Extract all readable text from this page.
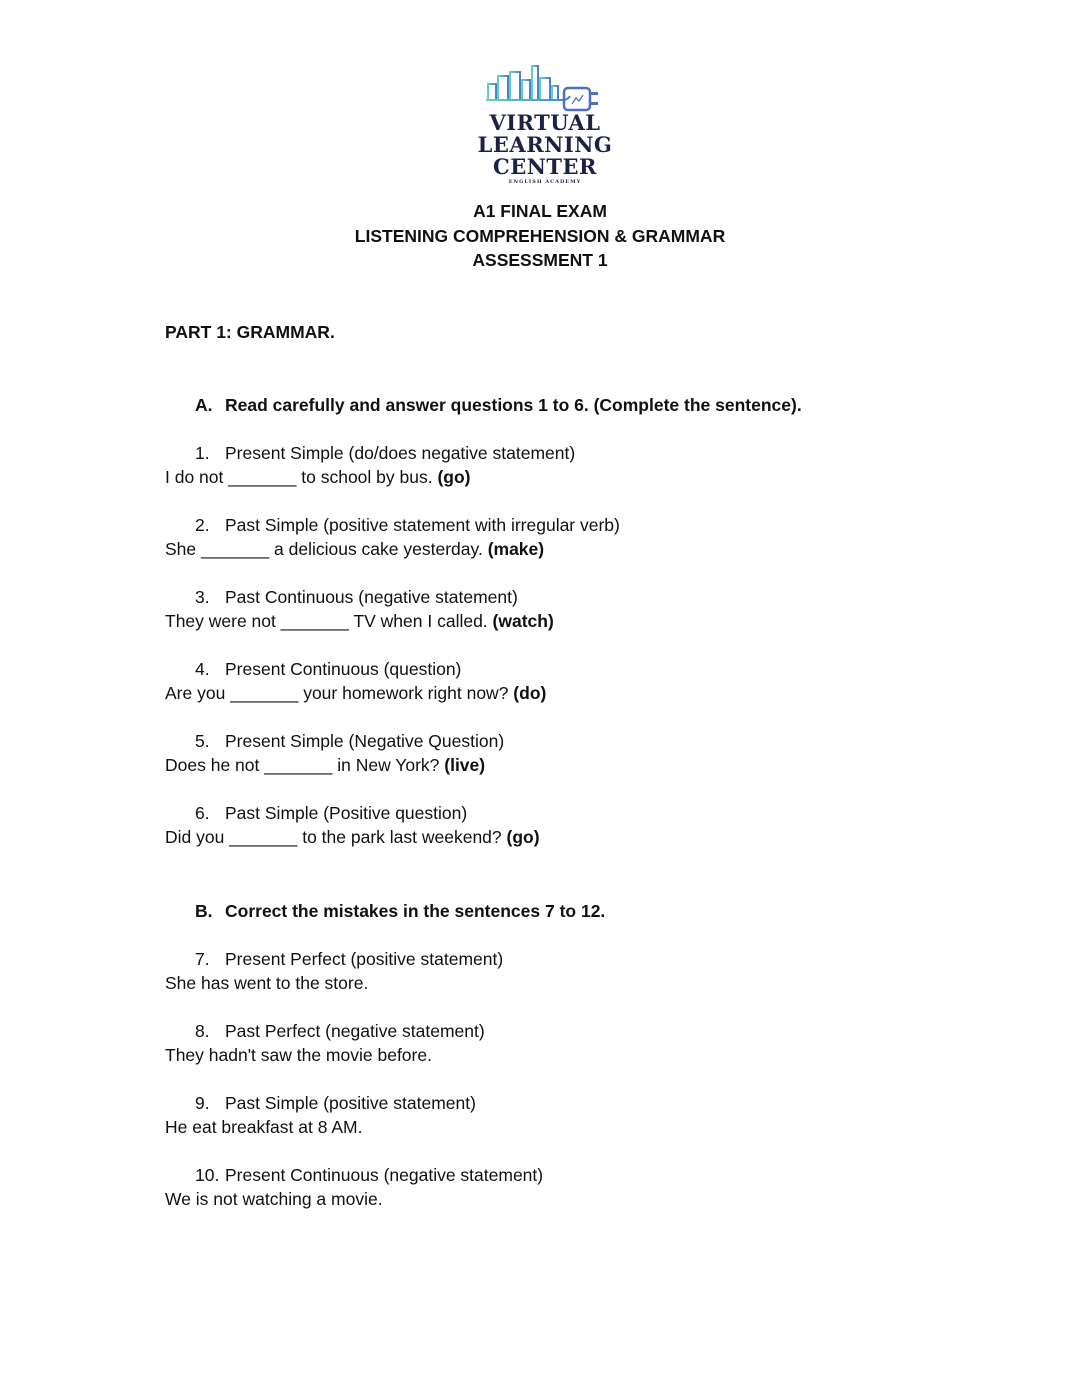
VIRTUAL
LEARNING
CENTER
ENGLISH ACADEMY
A1 FINAL EXAM
LISTENING COMPREHENSION & GRAMMAR
ASSESSMENT 1
PART 1: GRAMMAR.
A. Read carefully and answer questions 1 to 6. (Complete the sentence).
1. Present Simple (do/does negative statement)
I do not _______ to school by bus. (go)
2. Past Simple (positive statement with irregular verb)
She _______ a delicious cake yesterday. (make)
3. Past Continuous (negative statement)
They were not _______ TV when I called. (watch)
4. Present Continuous (question)
Are you _______ your homework right now? (do)
5. Present Simple (Negative Question)
Does he not _______ in New York? (live)
6. Past Simple (Positive question)
Did you _______ to the park last weekend? (go)
B. Correct the mistakes in the sentences 7 to 12.
7. Present Perfect (positive statement)
She has went to the store.
8. Past Perfect (negative statement)
They hadn't saw the movie before.
9. Past Simple (positive statement)
He eat breakfast at 8 AM.
10. Present Continuous (negative statement)
We is not watching a movie.
